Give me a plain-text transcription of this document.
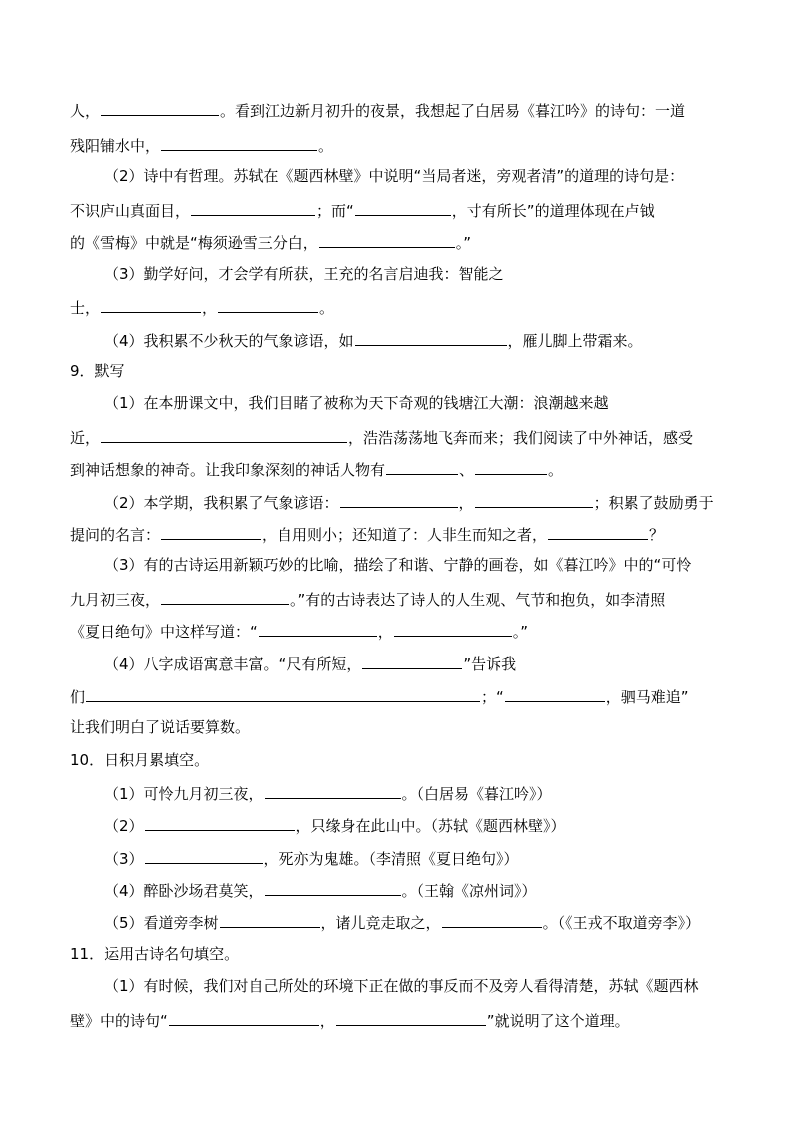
人，	。看到江边新月初升的夜景，我想起了白居易《暮江吟》的诗句：一道
残阳铺水中，	。
（2）诗中有哲理。苏轼在《题西林壁》中说明“当局者迷，旁观者清”的道理的诗句是：
不识庐山真面目，	；而“	，寸有所长”的道理体现在卢钺
的《雪梅》中就是“梅须逊雪三分白，	。”
（3）勤学好问，才会学有所获，王充的名言启迪我：智能之
士，	，	。
（4）我积累不少秋天的气象谚语，如	，雁儿脚上带霜来。
9．默写
（1）在本册课文中，我们目睹了被称为天下奇观的钱塘江大潮：浪潮越来越
近，	，浩浩荡荡地飞奔而来；我们阅读了中外神话，感受
到神话想象的神奇。让我印象深刻的神话人物有	、	。
（2）本学期，我积累了气象谚语：	，	；积累了鼓励勇于
提问的名言：	，自用则小；还知道了：人非生而知之者，	？
（3）有的古诗运用新颖巧妙的比喻，描绘了和谐、宁静的画卷，如《暮江吟》中的“可怜
九月初三夜，	。”有的古诗表达了诗人的人生观、气节和抱负，如李清照
《夏日绝句》中这样写道：“	，	。”
（4）八字成语寓意丰富。“尺有所短，	”告诉我
们	；“	，驷马难追”
让我们明白了说话要算数。
10．日积月累填空。
（1）可怜九月初三夜，	。（白居易《暮江吟》）
（2）	，只缘身在此山中。（苏轼《题西林壁》）
（3）	，死亦为鬼雄。（李清照《夏日绝句》）
（4）醉卧沙场君莫笑，	。（王翰《凉州词》）
（5）看道旁李树	，诸儿竞走取之，	。（《王戎不取道旁李》）
11．运用古诗名句填空。
（1）有时候，我们对自己所处的环境下正在做的事反而不及旁人看得清楚，苏轼《题西林
壁》中的诗句“	，	”就说明了这个道理。
